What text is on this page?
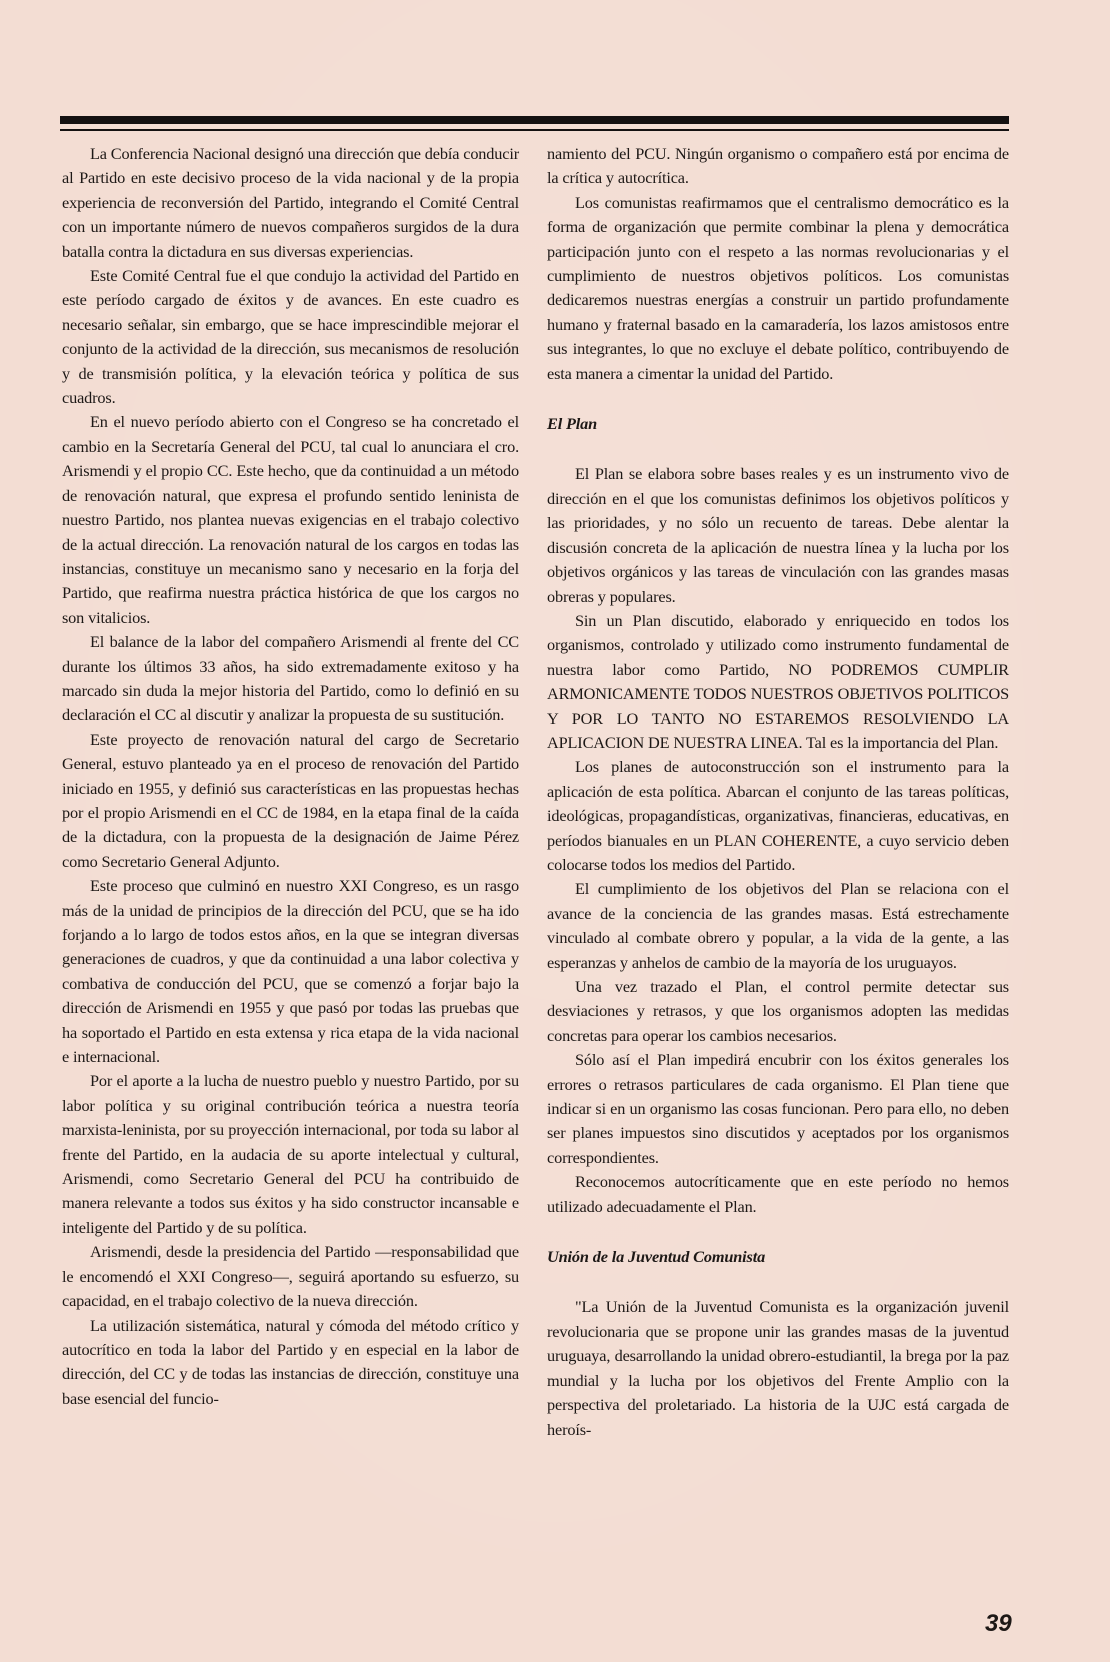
La Conferencia Nacional designó una dirección que debía conducir al Partido en este decisivo proceso de la vida nacional y de la propia experiencia de reconversión del Partido, integrando el Comité Central con un importante número de nuevos compañeros surgidos de la dura batalla contra la dictadura en sus diversas experiencias.

Este Comité Central fue el que condujo la actividad del Partido en este período cargado de éxitos y de avances. En este cuadro es necesario señalar, sin embargo, que se hace imprescindible mejorar el conjunto de la actividad de la dirección, sus mecanismos de resolución y de transmisión política, y la elevación teórica y política de sus cuadros.

En el nuevo período abierto con el Congreso se ha concretado el cambio en la Secretaría General del PCU, tal cual lo anunciara el cro. Arismendi y el propio CC. Este hecho, que da continuidad a un método de renovación natural, que expresa el profundo sentido leninista de nuestro Partido, nos plantea nuevas exigencias en el trabajo colectivo de la actual dirección. La renovación natural de los cargos en todas las instancias, constituye un mecanismo sano y necesario en la forja del Partido, que reafirma nuestra práctica histórica de que los cargos no son vitalicios.

El balance de la labor del compañero Arismendi al frente del CC durante los últimos 33 años, ha sido extremadamente exitoso y ha marcado sin duda la mejor historia del Partido, como lo definió en su declaración el CC al discutir y analizar la propuesta de su sustitución.

Este proyecto de renovación natural del cargo de Secretario General, estuvo planteado ya en el proceso de renovación del Partido iniciado en 1955, y definió sus características en las propuestas hechas por el propio Arismendi en el CC de 1984, en la etapa final de la caída de la dictadura, con la propuesta de la designación de Jaime Pérez como Secretario General Adjunto.

Este proceso que culminó en nuestro XXI Congreso, es un rasgo más de la unidad de principios de la dirección del PCU, que se ha ido forjando a lo largo de todos estos años, en la que se integran diversas generaciones de cuadros, y que da continuidad a una labor colectiva y combativa de conducción del PCU, que se comenzó a forjar bajo la dirección de Arismendi en 1955 y que pasó por todas las pruebas que ha soportado el Partido en esta extensa y rica etapa de la vida nacional e internacional.

Por el aporte a la lucha de nuestro pueblo y nuestro Partido, por su labor política y su original contribución teórica a nuestra teoría marxista-leninista, por su proyección internacional, por toda su labor al frente del Partido, en la audacia de su aporte intelectual y cultural, Arismendi, como Secretario General del PCU ha contribuido de manera relevante a todos sus éxitos y ha sido constructor incansable e inteligente del Partido y de su política.

Arismendi, desde la presidencia del Partido —responsabilidad que le encomendó el XXI Congreso—, seguirá aportando su esfuerzo, su capacidad, en el trabajo colectivo de la nueva dirección.

La utilización sistemática, natural y cómoda del método crítico y autocrítico en toda la labor del Partido y en especial en la labor de dirección, del CC y de todas las instancias de dirección, constituye una base esencial del funcio-

namiento del PCU. Ningún organismo o compañero está por encima de la crítica y autocrítica.

Los comunistas reafirmamos que el centralismo democrático es la forma de organización que permite combinar la plena y democrática participación junto con el respeto a las normas revolucionarias y el cumplimiento de nuestros objetivos políticos. Los comunistas dedicaremos nuestras energías a construir un partido profundamente humano y fraternal basado en la camaradería, los lazos amistosos entre sus integrantes, lo que no excluye el debate político, contribuyendo de esta manera a cimentar la unidad del Partido.

El Plan

El Plan se elabora sobre bases reales y es un instrumento vivo de dirección en el que los comunistas definimos los objetivos políticos y las prioridades, y no sólo un recuento de tareas. Debe alentar la discusión concreta de la aplicación de nuestra línea y la lucha por los objetivos orgánicos y las tareas de vinculación con las grandes masas obreras y populares.

Sin un Plan discutido, elaborado y enriquecido en todos los organismos, controlado y utilizado como instrumento fundamental de nuestra labor como Partido, NO PODREMOS CUMPLIR ARMONICAMENTE TODOS NUESTROS OBJETIVOS POLITICOS Y POR LO TANTO NO ESTAREMOS RESOLVIENDO LA APLICACION DE NUESTRA LINEA. Tal es la importancia del Plan.

Los planes de autoconstrucción son el instrumento para la aplicación de esta política. Abarcan el conjunto de las tareas políticas, ideológicas, propagandísticas, organizativas, financieras, educativas, en períodos bianuales en un PLAN COHERENTE, a cuyo servicio deben colocarse todos los medios del Partido.

El cumplimiento de los objetivos del Plan se relaciona con el avance de la conciencia de las grandes masas. Está estrechamente vinculado al combate obrero y popular, a la vida de la gente, a las esperanzas y anhelos de cambio de la mayoría de los uruguayos.

Una vez trazado el Plan, el control permite detectar sus desviaciones y retrasos, y que los organismos adopten las medidas concretas para operar los cambios necesarios.

Sólo así el Plan impedirá encubrir con los éxitos generales los errores o retrasos particulares de cada organismo. El Plan tiene que indicar si en un organismo las cosas funcionan. Pero para ello, no deben ser planes impuestos sino discutidos y aceptados por los organismos correspondientes.

Reconocemos autocríticamente que en este período no hemos utilizado adecuadamente el Plan.

Unión de la Juventud Comunista

"La Unión de la Juventud Comunista es la organización juvenil revolucionaria que se propone unir las grandes masas de la juventud uruguaya, desarrollando la unidad obrero-estudiantil, la brega por la paz mundial y la lucha por los objetivos del Frente Amplio con la perspectiva del proletariado. La historia de la UJC está cargada de heroís-

39
